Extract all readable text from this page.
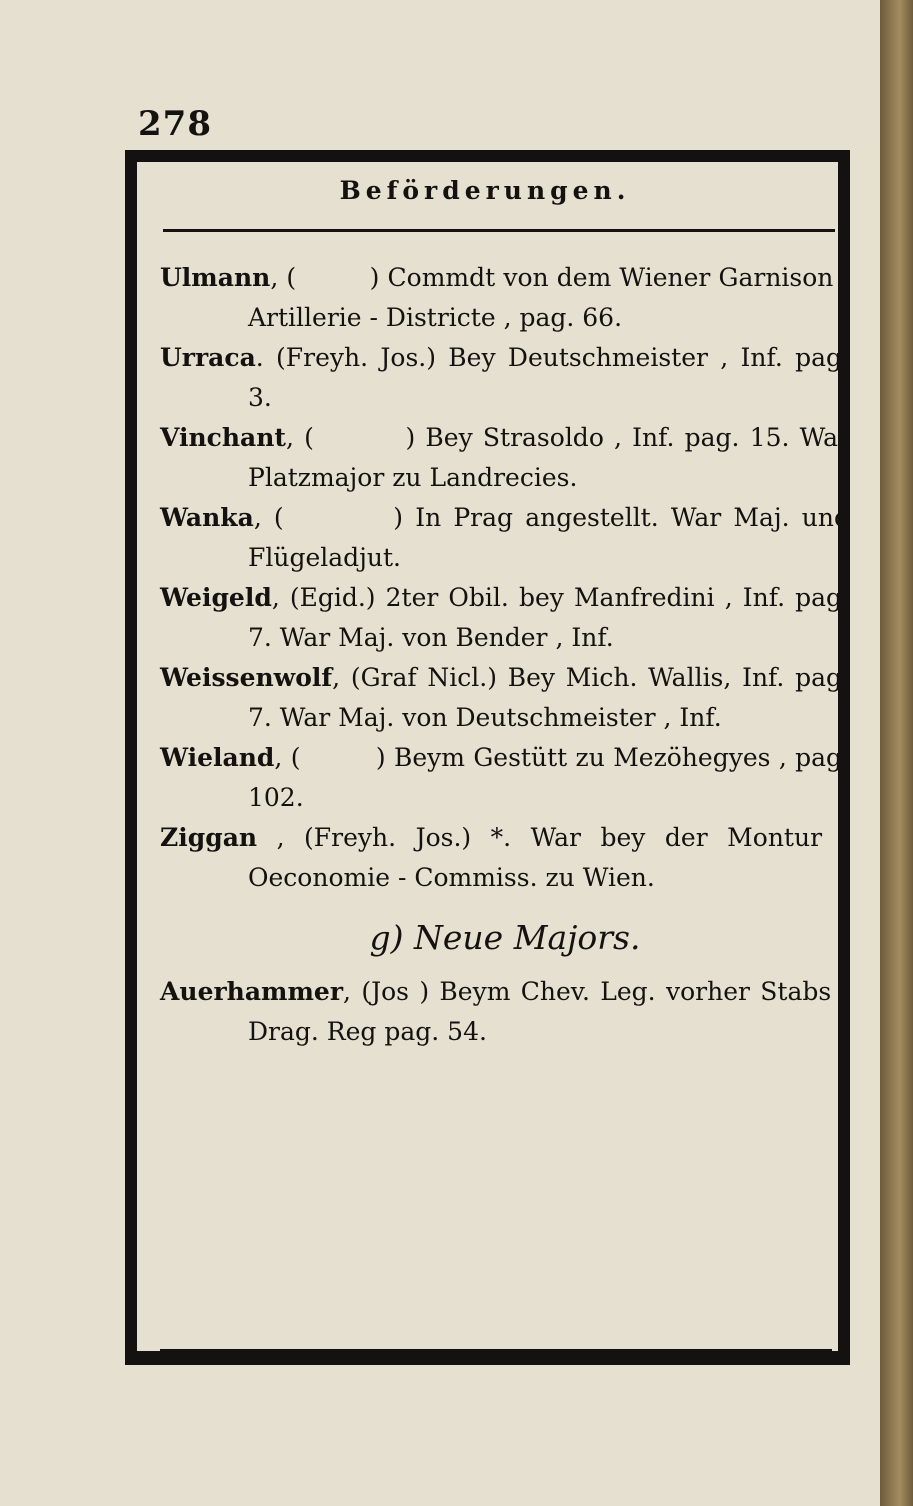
278
Beförderungen.

Ulmann, (         ) Commdt von dem Wiener Garnison - Artillerie - Districte , pag. 66.

Urraca. (Freyh. Jos.) Bey Deutschmeister , Inf. pag. 3.

Vinchant, (         ) Bey Strasoldo , Inf. pag. 15. War Platzmajor zu Landrecies.

Wanka, (         ) In Prag angestellt. War Maj. und Flügeladjut.

Weigeld, (Egid.) 2ter Obil. bey Manfredini , Inf. pag. 7. War Maj. von Bender , Inf.

Weissenwolf, (Graf Nicl.) Bey Mich. Wallis, Inf. pag. 7. War Maj. von Deutschmeister , Inf.

Wieland, (         ) Beym Gestütt zu Mezöhegyes , pag. 102.

Ziggan , (Freyh. Jos.) *. War bey der Montur - Oeconomie - Commiss. zu Wien.

g) Neue Majors.

Auerhammer, (Jos ) Beym Chev. Leg. vorher Stabs - Drag. Reg pag. 54.
